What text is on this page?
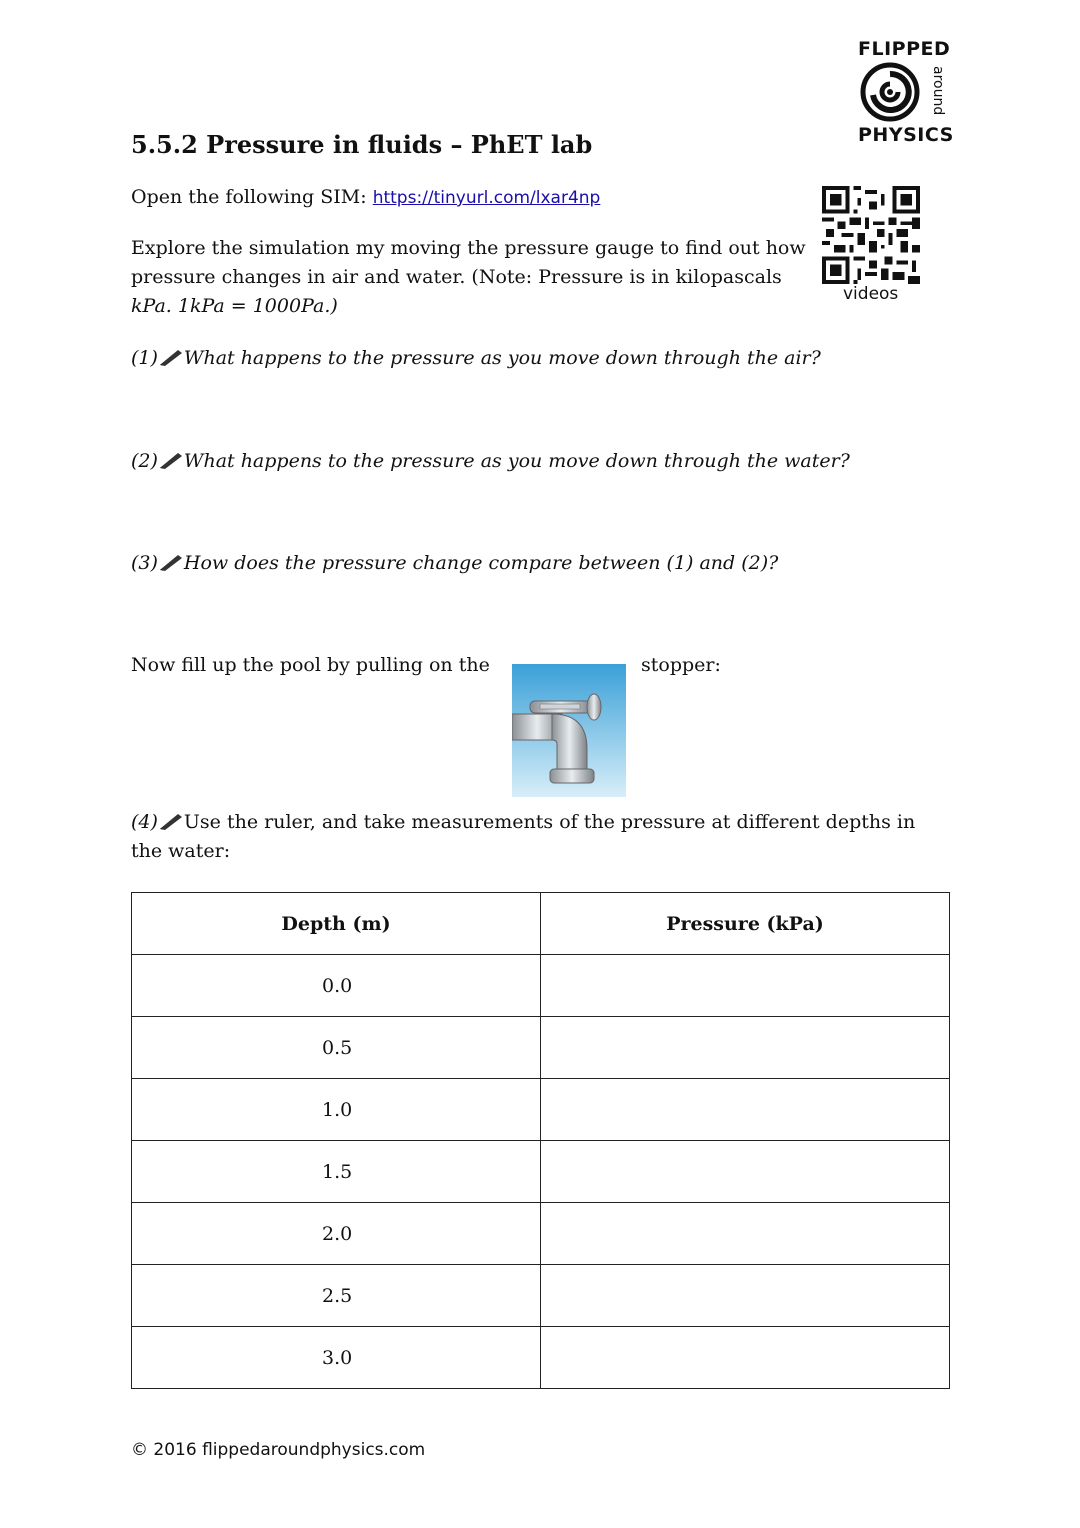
FLIPPED
around
PHYSICS
videos
5.5.2 Pressure in fluids – PhET lab
Open the following SIM: https://tinyurl.com/lxar4np
Explore the simulation my moving the pressure gauge to find out how
pressure changes in air and water. (Note: Pressure is in kilopascals
kPa. 1kPa = 1000Pa.)
(1) What happens to the pressure as you move down through the air?
(2) What happens to the pressure as you move down through the water?
(3) How does the pressure change compare between (1) and (2)?
Now fill up the pool by pulling on the	stopper:
(4) Use the ruler, and take measurements of the pressure at different depths in the water:
Depth (m)	Pressure (kPa)
0.0	
0.5	
1.0	
1.5	
2.0	
2.5	
3.0	
© 2016 flippedaroundphysics.com
